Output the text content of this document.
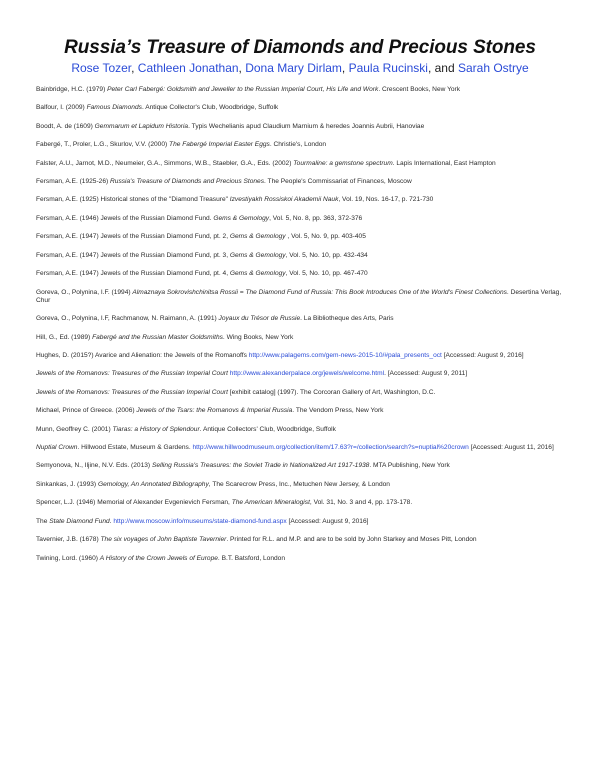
Russia’s Treasure of Diamonds and Precious Stones
Rose Tozer, Cathleen Jonathan, Dona Mary Dirlam, Paula Rucinski, and Sarah Ostrye
Bainbridge, H.C. (1979) Peter Carl Fabergé: Goldsmith and Jeweller to the Russian Imperial Court, His Life and Work. Crescent Books, New York
Balfour, I. (2009) Famous Diamonds. Antique Collector's Club, Woodbridge, Suffolk
Boodt, A. de (1609) Gemmarum et Lapidum Historia. Typis Wechelianis apud Claudium Marnium & heredes Joannis Aubrii, Hanoviae
Fabergé, T., Proler, L.G., Skurlov, V.V. (2000) The Fabergé Imperial Easter Eggs. Christie's, London
Falster, A.U., Jarnot, M.D., Neumeier, G.A., Simmons, W.B., Staebler, G.A., Eds. (2002) Tourmaline: a gemstone spectrum. Lapis International, East Hampton
Fersman, A.E. (1925-26) Russia's Treasure of Diamonds and Precious Stones. The People's Commissariat of Finances, Moscow
Fersman, A.E. (1925) Historical stones of the "Diamond Treasure" Izvestiyakh Rossiskoi Akademii Nauk, Vol. 19, Nos. 16-17, p. 721-730
Fersman, A.E. (1946) Jewels of the Russian Diamond Fund. Gems & Gemology, Vol. 5, No. 8, pp. 363, 372-376
Fersman, A.E. (1947) Jewels of the Russian Diamond Fund, pt. 2, Gems & Gemology , Vol. 5, No. 9, pp. 403-405
Fersman, A.E. (1947) Jewels of the Russian Diamond Fund, pt. 3, Gems & Gemology, Vol. 5, No. 10, pp. 432-434
Fersman, A.E. (1947) Jewels of the Russian Diamond Fund, pt. 4, Gems & Gemology, Vol. 5, No. 10, pp. 467-470
Goreva, O., Polynina, I.F. (1994) Almaznaya Sokrovishchinitsa Rossii = The Diamond Fund of Russia: This Book Introduces One of the World's Finest Collections. Desertina Verlag, Chur
Goreva, O., Polynina, I.F, Rachmanow, N. Raimann, A. (1991) Joyaux du Trésor de Russie. La Bibliotheque des Arts, Paris
Hill, G., Ed. (1989) Fabergé and the Russian Master Goldsmiths. Wing Books, New York
Hughes, D. (2015?) Avarice and Alienation: the Jewels of the Romanoffs http://www.palagems.com/gem-news-2015-10/#pala_presents_oct [Accessed: August 9, 2016]
Jewels of the Romanovs: Treasures of the Russian Imperial Court http://www.alexanderpalace.org/jewels/welcome.html. [Accessed: August 9, 2011]
Jewels of the Romanovs: Treasures of the Russian Imperial Court [exhibit catalog] (1997). The Corcoran Gallery of Art, Washington, D.C.
Michael, Prince of Greece. (2006) Jewels of the Tsars: the Romanovs & Imperial Russia. The Vendom Press, New York
Munn, Geoffrey C. (2001) Tiaras: a History of Splendour. Antique Collectors' Club, Woodbridge, Suffolk
Nuptial Crown. Hillwood Estate, Museum & Gardens. http://www.hillwoodmuseum.org/collection/item/17.63?r=/collection/search?s=nuptial%20crown [Accessed: August 11, 2016]
Semyonova, N., Iljine, N.V. Eds. (2013) Selling Russia's Treasures: the Soviet Trade in Nationalized Art 1917-1938. MTA Publishing, New York
Sinkankas, J. (1993) Gemology, An Annotated Bibliography, The Scarecrow Press, Inc., Metuchen New Jersey, & London
Spencer, L.J. (1946) Memorial of Alexander Evgenievich Fersman, The American Mineralogist, Vol. 31, No. 3 and 4, pp. 173-178.
The State Diamond Fund. http://www.moscow.info/museums/state-diamond-fund.aspx [Accessed: August 9, 2016]
Tavernier, J.B. (1678) The six voyages of John Baptiste Tavernier. Printed for R.L. and M.P. and are to be sold by John Starkey and Moses Pitt, London
Twining, Lord. (1960) A History of the Crown Jewels of Europe. B.T. Batsford, London
